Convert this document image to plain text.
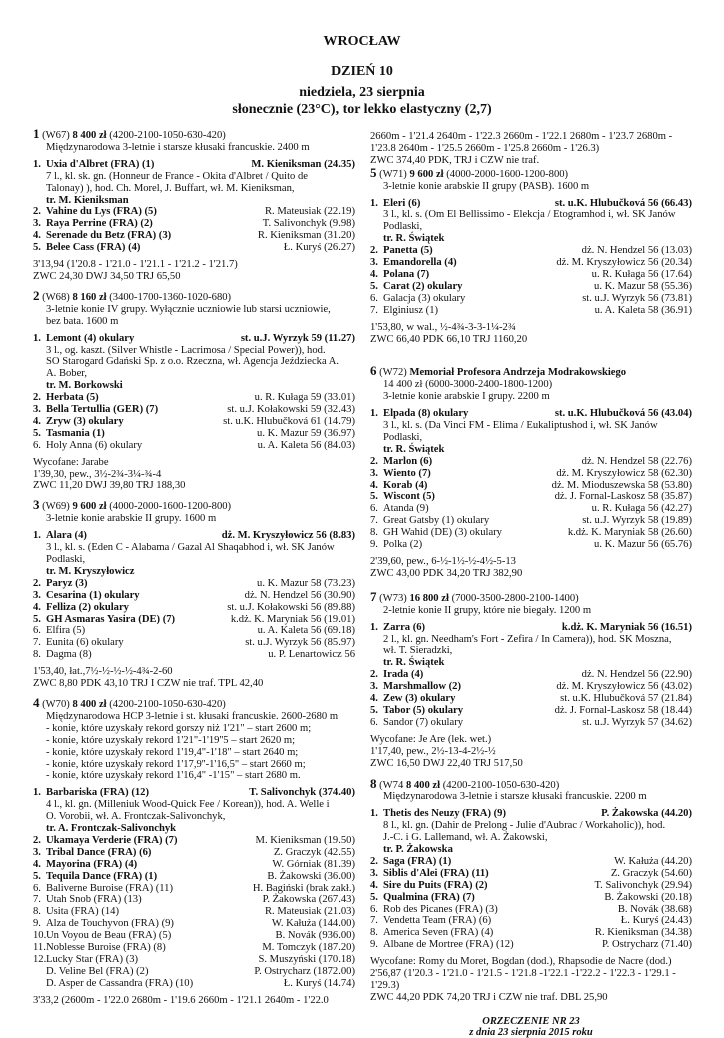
WROCŁAW
DZIEŃ 10
niedziela, 23 sierpnia
słonecznie (23°C), tor lekko elastyczny (2,7)
1 (W67) 8 400 zł (4200-2100-1050-630-420)
Międzynarodowa 3-letnie i starsze kłusaki francuskie. 2400 m
1. Uxia d'Albret (FRA) (1)	M. Kieniksman (24.35)
7 l., kl. sk. gn. (Honneur de France - Okita d'Albret / Quito de
Talonay) ), hod. Ch. Morel, J. Buffart, wł. M. Kieniksman,
tr. M. Kieniksman
2. Vahine du Lys (FRA) (5)	R. Mateusiak (22.19)
3. Raya Perrine (FRA) (2)	T. Salivonchyk (9.98)
4. Serenade du Betz (FRA) (3)	R. Kieniksman (31.20)
5. Belee Cass (FRA) (4)	Ł. Kuryś (26.27)
3'13,94 (1'20.8 - 1'21.0 - 1'21.1 - 1'21.2 - 1'21.7)
ZWC 24,30 DWJ 34,50 TRJ 65,50
2 (W68) 8 160 zł (3400-1700-1360-1020-680)
3-letnie konie IV grupy. Wyłącznie uczniowie lub starsi uczniowie,
bez bata. 1600 m
1. Lemont (4) okulary	st. u.J. Wyrzyk 59 (11.27)
3 l., og. kaszt. (Silver Whistle - Lacrimosa / Special Power)), hod.
SO Starogard Gdański Sp. z o.o. Rzeczna, wł. Agencja Jeździecka A.
A. Bober,
tr. M. Borkowski
2. Herbata (5)	u. R. Kułaga 59 (33.01)
3. Bella Tertullia (GER) (7)	st. u.J. Kołakowski 59 (32.43)
4. Zryw (3) okulary	st. u.K. Hlubučková 61 (14.79)
5. Tasmania (1)	u. K. Mazur 59 (36.97)
6. Holy Anna (6) okulary	u. A. Kaleta 56 (84.03)
Wycofane: Jarabe
1'39,30, pew., 3½-2¾-3¼-¾-4
ZWC 11,20 DWJ 39,80 TRJ 188,30
3 (W69) 9 600 zł (4000-2000-1600-1200-800)
3-letnie konie arabskie II grupy. 1600 m
1. Alara (4)	dż. M. Kryszyłowicz 56 (8.83)
3 l., kl. s. (Eden C - Alabama / Gazal Al Shaqabhod i, wł. SK Janów
Podlaski,
tr. M. Kryszyłowicz
2. Paryz (3)	u. K. Mazur 58 (73.23)
3. Cesarina (1) okulary	dż. N. Hendzel 56 (30.90)
4. Felliza (2) okulary	st. u.J. Kołakowski 56 (89.88)
5. GH Asmaras Yasira (DE) (7)	k.dż. K. Maryniak 56 (19.01)
6. Elfira (5)	u. A. Kaleta 56 (69.18)
7. Eunita (6) okulary	st. u.J. Wyrzyk 56 (85.97)
8. Dagma (8)	u. P. Lenartowicz 56
1'53,40, łat.,7½-½-½-½-4¾-2-60
ZWC 8,80 PDK 43,10 TRJ I CZW nie traf. TPL 42,40
4 (W70) 8 400 zł (4200-2100-1050-630-420)
Międzynarodowa HCP 3-letnie i st. kłusaki francuskie. 2600-2680 m
- konie, które uzyskały rekord gorszy niż 1'21" – start 2600 m;
- konie, które uzyskały rekord 1'21"-1'19''5 – start 2620 m;
- konie, które uzyskały rekord 1'19,4"-1'18" – start 2640 m;
- konie, które uzyskały rekord 1'17,9''-1'16,5" – start 2660 m;
- konie, które uzyskały rekord 1'16,4" -1'15" – start 2680 m.
1. Barbariska (FRA) (12)	T. Salivonchyk (374.40)
4 l., kl. gn. (Milleniuk Wood-Quick Fee / Korean)), hod. A. Welle i
O. Vorobii, wł. A. Frontczak-Salivonchyk,
tr. A. Frontczak-Salivonchyk
2. Ukamaya Verderie (FRA) (7)	M. Kieniksman (19.50)
3. Tribal Dance (FRA) (6)	Z. Graczyk (42.55)
4. Mayorina (FRA) (4)	W. Górniak (81.39)
5. Tequila Dance (FRA) (1)	B. Żakowski (36.00)
6. Baliverne Buroise (FRA) (11)	H. Bagiński (brak zakł.)
7. Utah Snob (FRA) (13)	P. Żakowska (267.43)
8. Usita (FRA) (14)	R. Mateusiak (21.03)
9. Alza de Touchyvon (FRA) (9)	W. Kałuża (144.00)
10. Un Voyou de Beau (FRA) (5)	B. Novák (936.00)
11. Noblesse Buroise (FRA) (8)	M. Tomczyk (187.20)
12. Lucky Star (FRA) (3)	S. Muszyński (170.18)
D. Veline Bel (FRA) (2)	P. Ostrycharz (1872.00)
D. Asper de Cassandra (FRA) (10)	Ł. Kuryś (14.74)
3'33,2 (2600m - 1'22.0 2680m - 1'19.6 2660m - 1'21.1 2640m - 1'22.0
2660m - 1'21.4 2640m - 1'22.3 2660m - 1'22.1 2680m - 1'23.7 2680m -
1'23.8 2640m - 1'25.5 2660m - 1'25.8 2660m - 1'26.3)
ZWC 374,40 PDK, TRJ i CZW nie traf.
5 (W71) 9 600 zł (4000-2000-1600-1200-800)
3-letnie konie arabskie II grupy (PASB). 1600 m
1. Eleri (6)	st. u.K. Hlubučková 56 (66.43)
3 l., kl. s. (Om El Bellissimo - Elekcja / Etogramhod i, wł. SK Janów
Podlaski,
tr. R. Świątek
2. Panetta (5)	dż. N. Hendzel 56 (13.03)
3. Emandorella (4)	dż. M. Kryszyłowicz 56 (20.34)
4. Polana (7)	u. R. Kułaga 56 (17.64)
5. Carat (2) okulary	u. K. Mazur 58 (55.36)
6. Galacja (3) okulary	st. u.J. Wyrzyk 56 (73.81)
7. Elginiusz (1)	u. A. Kaleta 58 (36.91)
1'53,80, w wal., ½-4¾-3-3-1¼-2¾
ZWC 66,40 PDK 66,10 TRJ 1160,20
6 (W72) Memoriał Profesora Andrzeja Modrakowskiego
14 400 zł (6000-3000-2400-1800-1200)
3-letnie konie arabskie I grupy. 2200 m
1. Elpada (8) okulary	st. u.K. Hlubučková 56 (43.04)
3 l., kl. s. (Da Vinci FM - Elima / Eukaliptushod i, wł. SK Janów
Podlaski,
tr. R. Świątek
2. Marlon (6)	dż. N. Hendzel 58 (22.76)
3. Wiento (7)	dż. M. Kryszyłowicz 58 (62.30)
4. Korab (4)	dż. M. Mioduszewska 58 (53.80)
5. Wiscont (5)	dż. J. Fornal-Laskosz 58 (35.87)
6. Atanda (9)	u. R. Kułaga 56 (42.27)
7. Great Gatsby (1) okulary	st. u.J. Wyrzyk 58 (19.89)
8. GH Wahid (DE) (3) okulary	k.dż. K. Maryniak 58 (26.60)
9. Polka (2)	u. K. Mazur 56 (65.76)
2'39,60, pew., 6-½-1½-½-4½-5-13
ZWC 43,00 PDK 34,20 TRJ 382,90
7 (W73) 16 800 zł (7000-3500-2800-2100-1400)
2-letnie konie II grupy, które nie biegały. 1200 m
1. Zarra (6)	k.dż. K. Maryniak 56 (16.51)
2 l., kl. gn. Needham's Fort - Zefira / In Camera)), hod. SK Moszna,
wł. T. Sieradzki,
tr. R. Świątek
2. Irada (4)	dż. N. Hendzel 56 (22.90)
3. Marshmallow (2)	dż. M. Kryszyłowicz 56 (43.02)
4. Zew (3) okulary	st. u.K. Hlubučková 57 (21.84)
5. Tabor (5) okulary	dż. J. Fornal-Laskosz 58 (18.44)
6. Sandor (7) okulary	st. u.J. Wyrzyk 57 (34.62)
Wycofane: Je Are (lek. wet.)
1'17,40, pew., 2½-13-4-2½-½
ZWC 16,50 DWJ 22,40 TRJ 517,50
8 (W74 8 400 zł (4200-2100-1050-630-420)
Międzynarodowa 3-letnie i starsze kłusaki francuskie. 2200 m
1. Thetis des Neuzy (FRA) (9)	P. Żakowska (44.20)
8 l., kl. gn. (Dahir de Prelong - Julie d'Aubrac / Workaholic)), hod.
J.-C. i G. Lallemand, wł. A. Żakowski,
tr. P. Żakowska
2. Saga (FRA) (1)	W. Kałuża (44.20)
3. Siblis d'Alei (FRA) (11)	Z. Graczyk (54.60)
4. Sire du Puits (FRA) (2)	T. Salivonchyk (29.94)
5. Qualmina (FRA) (7)	B. Żakowski (20.18)
6. Rob des Picanes (FRA) (3)	B. Novák (38.68)
7. Vendetta Team (FRA) (6)	Ł. Kuryś (24.43)
8. America Seven (FRA) (4)	R. Kieniksman (34.38)
9. Albane de Mortree (FRA) (12)	P. Ostrycharz (71.40)
Wycofane: Romy du Moret, Bogdan (dod.), Rhapsodie de Nacre (dod.)
2'56,87 (1'20.3 - 1'21.0 - 1'21.5 - 1'21.8 -1'22.1 -1'22.2 - 1'22.3 - 1'29.1 -
1'29.3)
ZWC 44,20 PDK 74,20 TRJ i CZW nie traf. DBL 25,90
ORZECZENIE NR 23
z dnia 23 sierpnia 2015 roku
